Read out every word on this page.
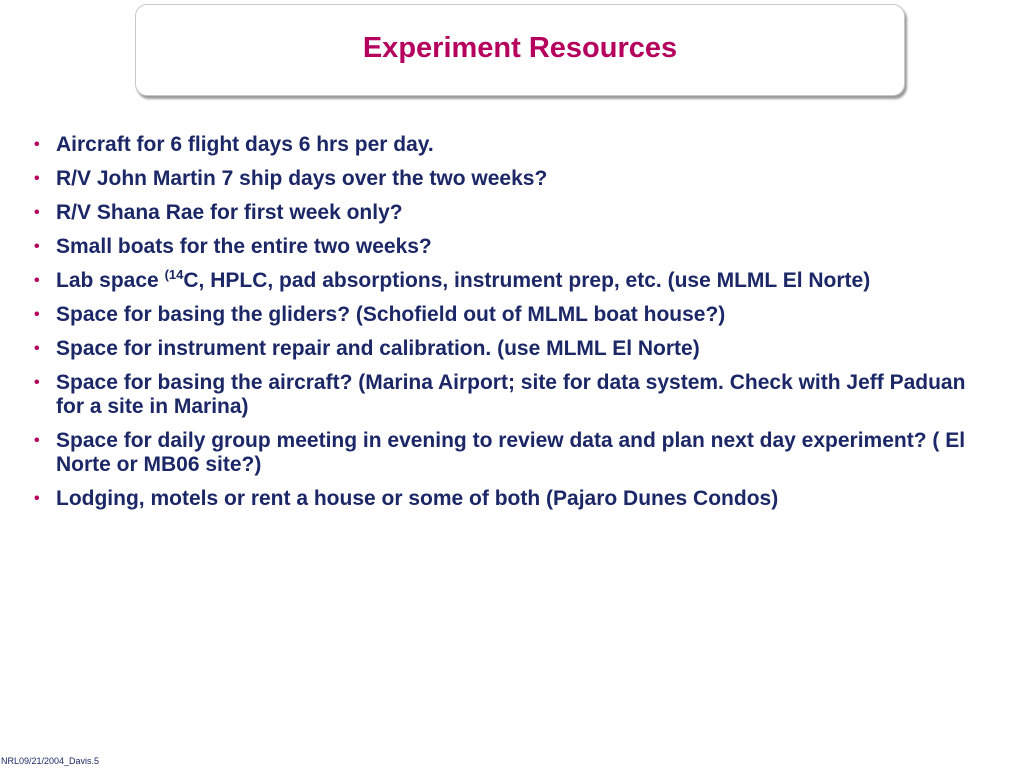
Experiment Resources
• Aircraft for 6 flight days 6 hrs per day.
• R/V John Martin 7 ship days over the two weeks?
• R/V Shana Rae for first week only?
• Small boats for the entire two weeks?
• Lab space $^{(14}$C, HPLC, pad absorptions, instrument prep, etc. (use MLML El Norte)
• Space for basing the gliders? (Schofield out of MLML boat house?)
• Space for instrument repair and calibration. (use MLML El Norte)
• Space for basing the aircraft? (Marina Airport; site for data system. Check with Jeff Paduan for a site in Marina)
• Space for daily group meeting in evening to review data and plan next day experiment? ( El Norte or MB06 site?)
• Lodging, motels or rent a house or some of both (Pajaro Dunes Condos)
NRL09/21/2004_Davis.5
